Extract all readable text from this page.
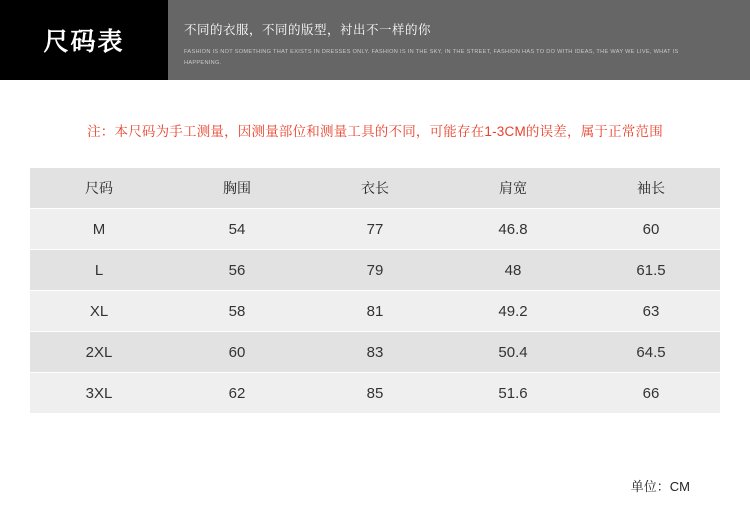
尺码表	不同的衣服，不同的版型，衬出不一样的你
FASHION IS NOT SOMETHING THAT EXISTS IN DRESSES ONLY. FASHION IS IN THE SKY, IN THE STREET, FASHION HAS TO DO WITH IDEAS, THE WAY WE LIVE, WHAT IS HAPPENING.
注：本尺码为手工测量，因测量部位和测量工具的不同，可能存在1-3CM的误差，属于正常范围
尺码	胸围	衣长	肩宽	袖长
M	54	77	46.8	60
L	56	79	48	61.5
XL	58	81	49.2	63
2XL	60	83	50.4	64.5
3XL	62	85	51.6	66
单位：CM
